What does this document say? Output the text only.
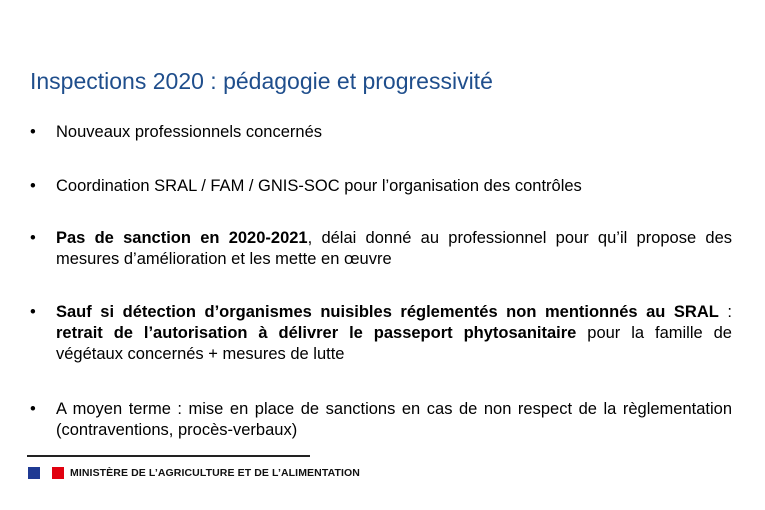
Inspections 2020 : pédagogie et progressivité
•	Nouveaux professionnels concernés
•	Coordination SRAL / FAM / GNIS-SOC pour l’organisation des contrôles
•	Pas de sanction en 2020-2021, délai donné au professionnel pour qu’il propose des mesures d’amélioration et les mette en œuvre
•	Sauf si détection d’organismes nuisibles réglementés non mentionnés au SRAL : retrait de l’autorisation à délivrer le passeport phytosanitaire pour la famille de végétaux concernés + mesures de lutte
•	A moyen terme : mise en place de sanctions en cas de non respect de la règlementation (contraventions, procès-verbaux)
MINISTÈRE DE L’AGRICULTURE ET DE L’ALIMENTATION
